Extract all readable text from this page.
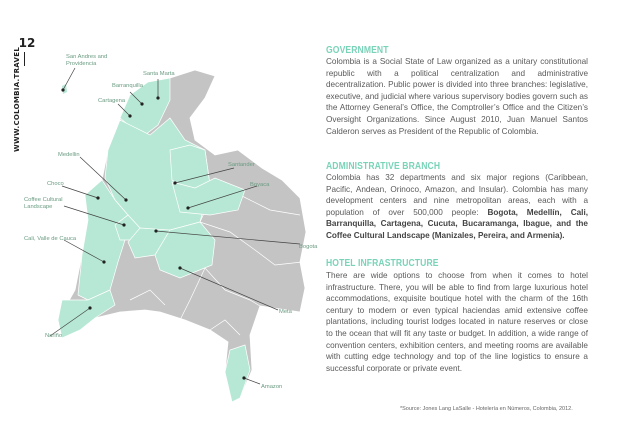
12
WWW.COLOMBIA.TRAVEL	San Andres and Providencia
Santa Marta
Barranquilla
Cartagena
Medellin
Santander
Choco	Boyaca
Coffee Cultural Landscape
Cali, Valle de Cauca
Bogota
Meta
Nariño
Amazon
GOVERNMENT
Colombia is a Social State of Law organized as a unitary constitutional republic with a political centralization and administrative decentralization. Public power is divided into three branches: legislative, executive, and judicial where various supervisory bodies govern such as the Attorney General’s Office, the Comptroller’s Office and the Citizen’s Oversight Organizations. Since August 2010, Juan Manuel Santos Calderon serves as President of the Republic of Colombia.
ADMINISTRATIVE BRANCH
Colombia has 32 departments and six major regions (Caribbean, Pacific, Andean, Orinoco, Amazon, and Insular). Colombia has many development centers and nine metropolitan areas, each with a population of over 500,000 people: Bogota, Medellín, Cali, Barranquilla, Cartagena, Cucuta, Bucaramanga, Ibague, and the Coffee Cultural Landscape (Manizales, Pereira, and Armenia).
HOTEL INFRASTRUCTURE
There are wide options to choose from when it comes to hotel infrastructure. There, you will be able to find from large luxurious hotel accommodations, exquisite boutique hotel with the charm of the 16th century to modern or even typical haciendas amid extensive coffee plantations, including tourist lodges located in nature reserves or close to the ocean that will fit any taste or budget. In addition, a wide range of convention centers, exhibition centers, and meeting rooms are available with cutting edge technology and top of the line logistics to ensure a successful corporate or private event.
*Source: Jones Lang LaSalle - Hotelería en Números, Colombia, 2012.
